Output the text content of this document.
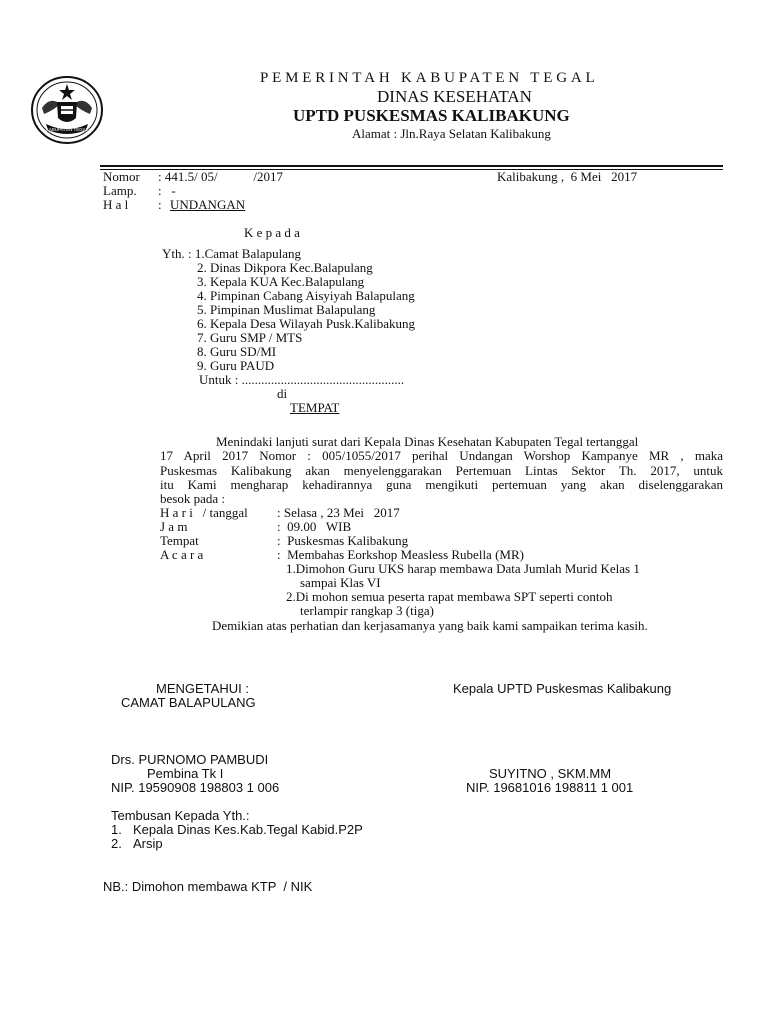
KABUPATEN TEGAL
PEMERINTAH KABUPATEN TEGAL
DINAS KESEHATAN
UPTD PUSKESMAS KALIBAKUNG
Alamat : Jln.Raya Selatan Kalibakung
Nomor : 441.5/ 05/           /2017
Lamp. :   -
H a l : UNDANGAN
Kalibakung ,  6 Mei   2017
K e p a d a
Yth. : 1.Camat Balapulang
2. Dinas Dikpora Kec.Balapulang
3. Kepala KUA Kec.Balapulang
4. Pimpinan Cabang Aisyiyah Balapulang
5. Pimpinan Muslimat Balapulang
6. Kepala Desa Wilayah Pusk.Kalibakung
7. Guru SMP / MTS
8. Guru SD/MI
9. Guru PAUD
Untuk : ..................................................
di
TEMPAT
Menindaki lanjuti surat dari Kepala Dinas Kesehatan Kabupaten Tegal tertanggal
17 April 2017 Nomor : 005/1055/2017 perihal Undangan Worshop Kampanye MR , maka
Puskesmas Kalibakung akan menyelenggarakan Pertemuan Lintas Sektor Th. 2017, untuk
itu Kami mengharap kehadirannya guna mengikuti pertemuan yang akan diselenggarakan
besok pada :
H a r i   / tanggal : Selasa , 23 Mei   2017
J a m	:  09.00   WIB
Tempat	:  Puskesmas Kalibakung
A c a r a	:  Membahas Eorkshop Measless Rubella (MR)
1.Dimohon Guru UKS harap membawa Data Jumlah Murid Kelas 1
sampai Klas VI
2.Di mohon semua peserta rapat membawa SPT seperti contoh
terlampir rangkap 3 (tiga)
Demikian atas perhatian dan kerjasamanya yang baik kami sampaikan terima kasih.
MENGETAHUI :
CAMAT BALAPULANG
Kepala UPTD Puskesmas Kalibakung
Drs. PURNOMO PAMBUDI
Pembina Tk I
NIP. 19590908 198803 1 006
SUYITNO , SKM.MM
NIP. 19681016 198811 1 001
Tembusan Kepada Yth.:
1. Kepala Dinas Kes.Kab.Tegal Kabid.P2P
2. Arsip
NB.: Dimohon membawa KTP  / NIK
